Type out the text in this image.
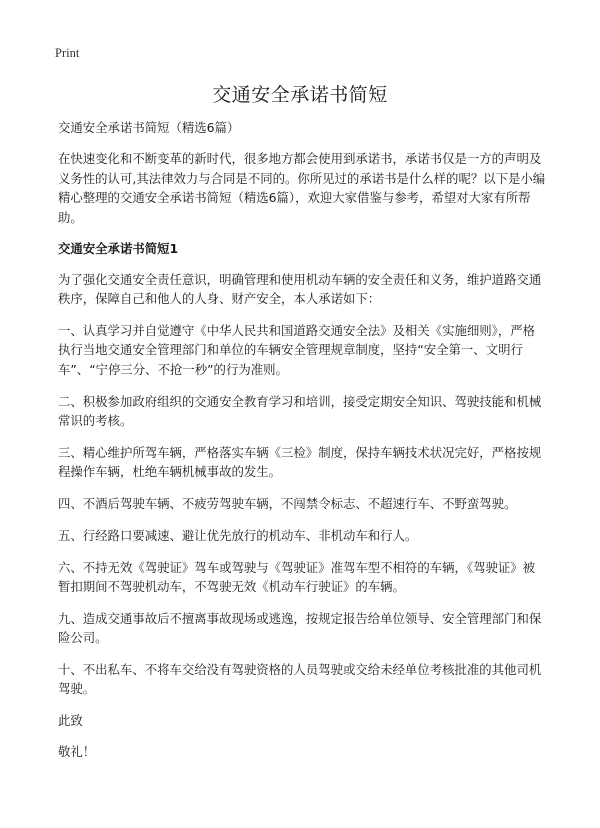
Print
交通安全承诺书简短

交通安全承诺书简短（精选6篇）

在快速变化和不断变革的新时代，很多地方都会使用到承诺书，承诺书仅是一方的声明及义务性的认可,其法律效力与合同是不同的。你所见过的承诺书是什么样的呢？以下是小编精心整理的交通安全承诺书简短（精选6篇），欢迎大家借鉴与参考，希望对大家有所帮助。

交通安全承诺书简短1

为了强化交通安全责任意识，明确管理和使用机动车辆的安全责任和义务，维护道路交通秩序，保障自己和他人的人身、财产安全，本人承诺如下：

一、认真学习并自觉遵守《中华人民共和国道路交通安全法》及相关《实施细则》，严格执行当地交通安全管理部门和单位的车辆安全管理规章制度，坚持“安全第一、文明行车”、“宁停三分、不抢一秒”的行为准则。

二、积极参加政府组织的交通安全教育学习和培训，接受定期安全知识、驾驶技能和机械常识的考核。

三、精心维护所驾车辆，严格落实车辆《三检》制度，保持车辆技术状况完好，严格按规程操作车辆，杜绝车辆机械事故的发生。

四、不酒后驾驶车辆、不疲劳驾驶车辆，不闯禁令标志、不超速行车、不野蛮驾驶。

五、行经路口要减速、避让优先放行的机动车、非机动车和行人。

六、不持无效《驾驶证》驾车或驾驶与《驾驶证》准驾车型不相符的车辆，《驾驶证》被暂扣期间不驾驶机动车，不驾驶无效《机动车行驶证》的车辆。

九、造成交通事故后不擅离事故现场或逃逸，按规定报告给单位领导、安全管理部门和保险公司。

十、不出私车、不将车交给没有驾驶资格的人员驾驶或交给未经单位考核批准的其他司机驾驶。

此致

敬礼！
